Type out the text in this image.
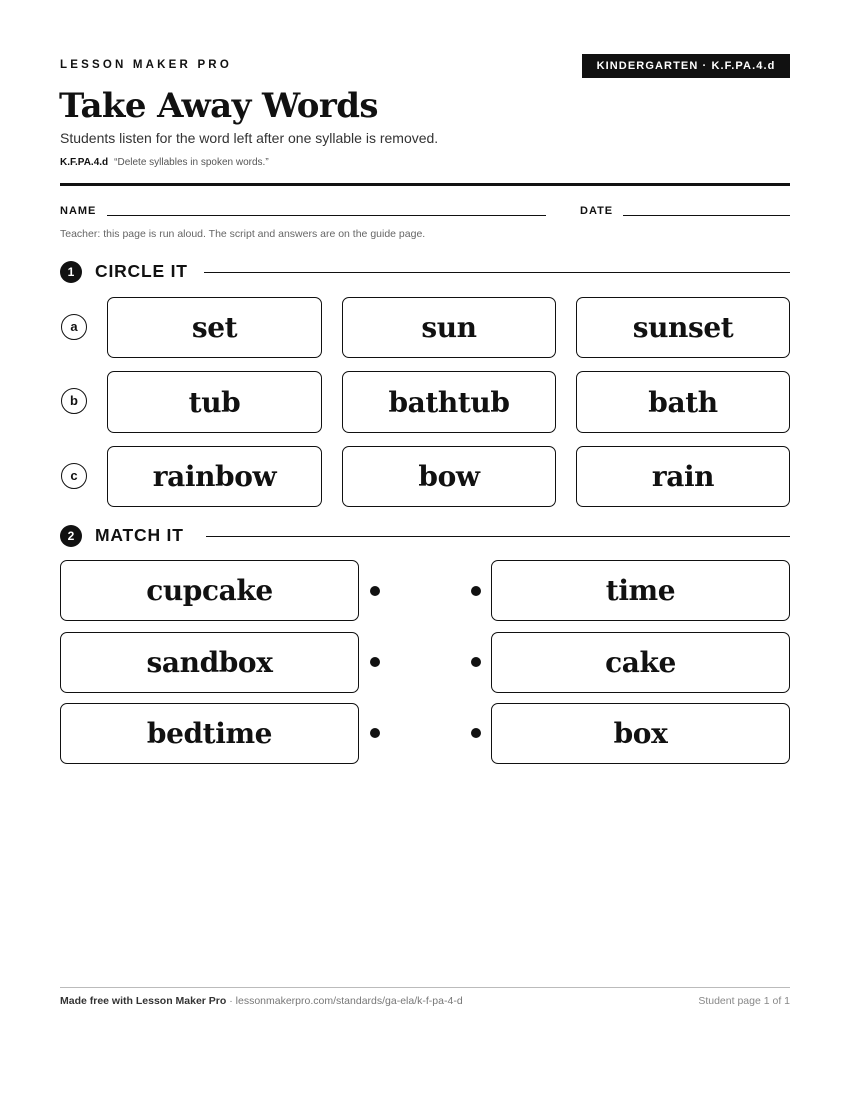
LESSON MAKER PRO	KINDERGARTEN · K.F.PA.4.d
Take Away Words
Students listen for the word left after one syllable is removed.
K.F.PA.4.d “Delete syllables in spoken words.”
NAME	DATE
Teacher: this page is run aloud. The script and answers are on the guide page.
1	CIRCLE IT
a	set	sun	sunset
b	tub	bathtub	bath
c	rainbow	bow	rain
2	MATCH IT
cupcake	time
sandbox	cake
bedtime	box
Made free with Lesson Maker Pro · lessonmakerpro.com/standards/ga-ela/k-f-pa-4-d	Student page 1 of 1
